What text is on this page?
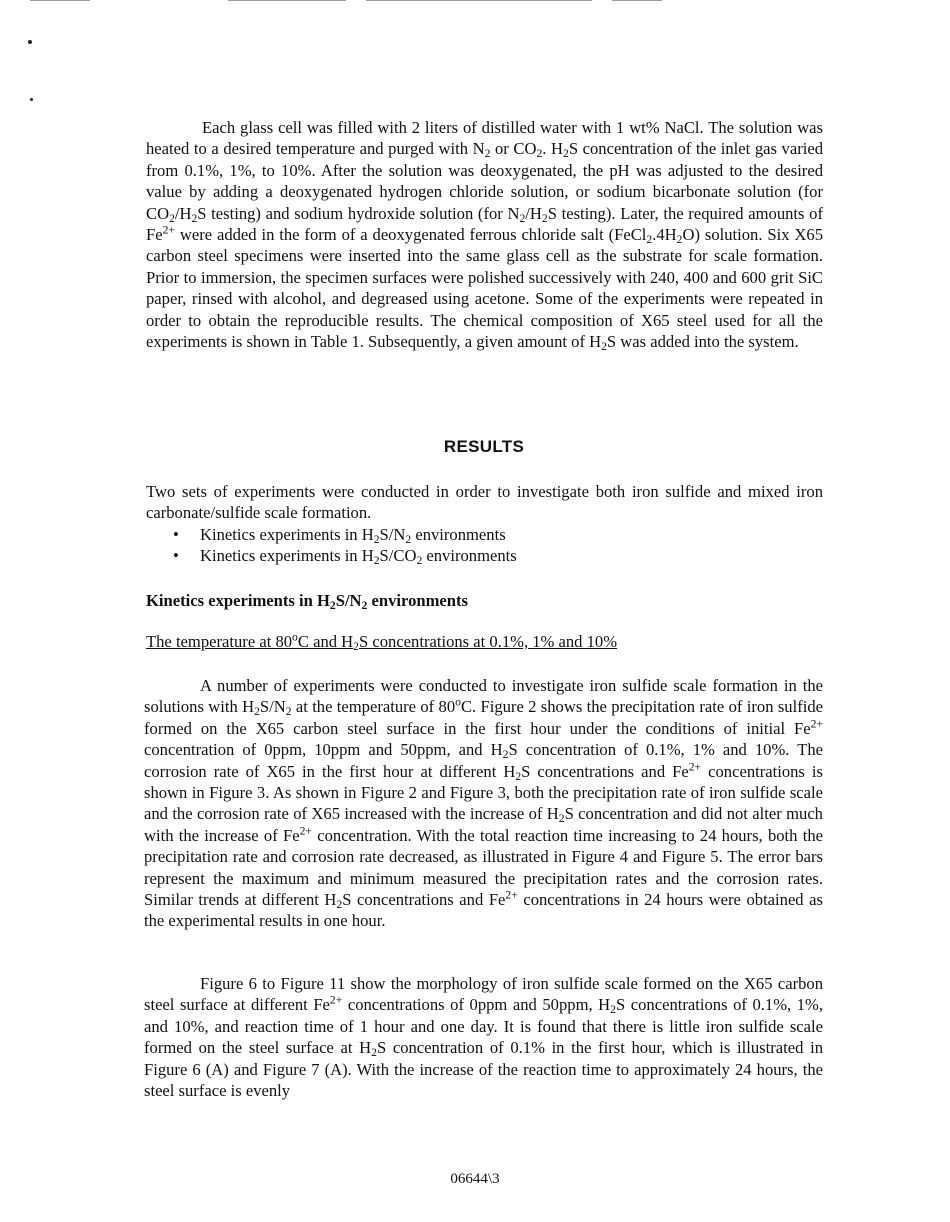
Each glass cell was filled with 2 liters of distilled water with 1 wt% NaCl. The solution was heated to a desired temperature and purged with $N_2$ or $CO_2$. $H_2S$ concentration of the inlet gas varied from 0.1%, 1%, to 10%. After the solution was deoxygenated, the pH was adjusted to the desired value by adding a deoxygenated hydrogen chloride solution, or sodium bicarbonate solution (for $CO_2/H_2S$ testing) and sodium hydroxide solution (for $N_2/H_2S$ testing). Later, the required amounts of $Fe^{2+}$ were added in the form of a deoxygenated ferrous chloride salt $(FeCl_2.4H_2O)$ solution. Six X65 carbon steel specimens were inserted into the same glass cell as the substrate for scale formation. Prior to immersion, the specimen surfaces were polished successively with 240, 400 and 600 grit SiC paper, rinsed with alcohol, and degreased using acetone. Some of the experiments were repeated in order to obtain the reproducible results. The chemical composition of X65 steel used for all the experiments is shown in Table 1. Subsequently, a given amount of $H_2S$ was added into the system.

RESULTS

Two sets of experiments were conducted in order to investigate both iron sulfide and mixed iron carbonate/sulfide scale formation.

• Kinetics experiments in $H_2S/N_2$ environments
• Kinetics experiments in $H_2S/CO_2$ environments
Kinetics experiments in $H_2S/N_2$ environments

The temperature at 80$^o$C and $H_2S$ concentrations at 0.1%, 1% and 10%

A number of experiments were conducted to investigate iron sulfide scale formation in the solutions with $H_2S/N_2$ at the temperature of 80$^o$C. Figure 2 shows the precipitation rate of iron sulfide formed on the X65 carbon steel surface in the first hour under the conditions of initial $Fe^{2+}$ concentration of 0ppm, 10ppm and 50ppm, and $H_2S$ concentration of 0.1%, 1% and 10%. The corrosion rate of X65 in the first hour at different $H_2S$ concentrations and $Fe^{2+}$ concentrations is shown in Figure 3. As shown in Figure 2 and Figure 3, both the precipitation rate of iron sulfide scale and the corrosion rate of X65 increased with the increase of $H_2S$ concentration and did not alter much with the increase of $Fe^{2+}$ concentration. With the total reaction time increasing to 24 hours, both the precipitation rate and corrosion rate decreased, as illustrated in Figure 4 and Figure 5. The error bars represent the maximum and minimum measured the precipitation rates and the corrosion rates. Similar trends at different $H_2S$ concentrations and $Fe^{2+}$ concentrations in 24 hours were obtained as the experimental results in one hour.

Figure 6 to Figure 11 show the morphology of iron sulfide scale formed on the X65 carbon steel surface at different $Fe^{2+}$ concentrations of 0ppm and 50ppm, $H_2S$ concentrations of 0.1%, 1%, and 10%, and reaction time of 1 hour and one day. It is found that there is little iron sulfide scale formed on the steel surface at $H_2S$ concentration of 0.1% in the first hour, which is illustrated in Figure 6 (A) and Figure 7 (A). With the increase of the reaction time to approximately 24 hours, the steel surface is evenly

06644\3
